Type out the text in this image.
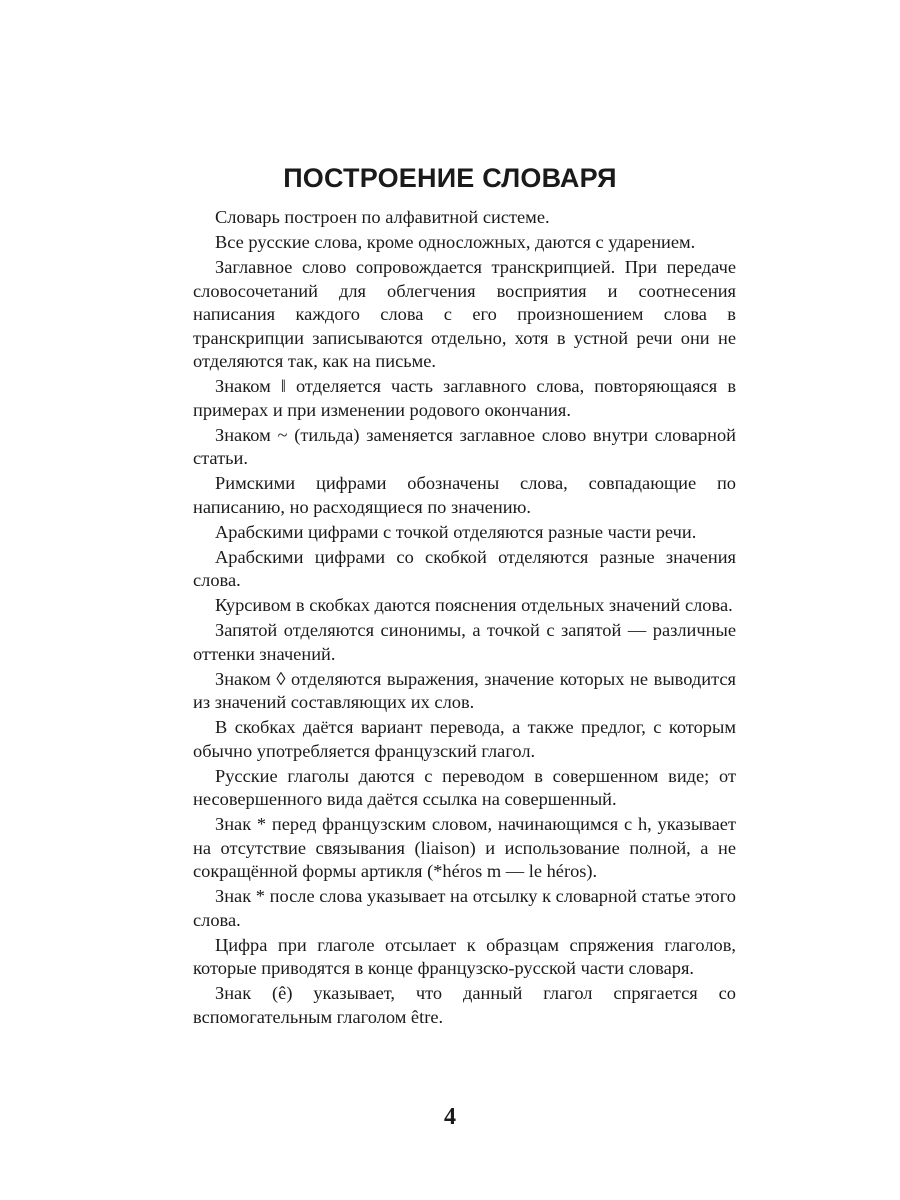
ПОСТРОЕНИЕ СЛОВАРЯ

Словарь построен по алфавитной системе.

Все русские слова, кроме односложных, даются с ударением.

Заглавное слово сопровождается транскрипцией. При передаче словосочетаний для облегчения восприятия и соотнесения написания каждого слова с его произношением слова в транскрипции записываются отдельно, хотя в устной речи они не отделяются так, как на письме.

Знаком ‖ отделяется часть заглавного слова, повторяющаяся в примерах и при изменении родового окончания.

Знаком ~ (тильда) заменяется заглавное слово внутри словарной статьи.

Римскими цифрами обозначены слова, совпадающие по написанию, но расходящиеся по значению.

Арабскими цифрами с точкой отделяются разные части речи.

Арабскими цифрами со скобкой отделяются разные значения слова.

Курсивом в скобках даются пояснения отдельных значений слова.

Запятой отделяются синонимы, а точкой с запятой — различные оттенки значений.

Знаком ◊ отделяются выражения, значение которых не выводится из значений составляющих их слов.

В скобках даётся вариант перевода, а также предлог, с которым обычно употребляется французский глагол.

Русские глаголы даются с переводом в совершенном виде; от несовершенного вида даётся ссылка на совершенный.

Знак * перед французским словом, начинающимся с h, указывает на отсутствие связывания (liaison) и использование полной, а не сокращённой формы артикля (*héros m — le héros).

Знак * после слова указывает на отсылку к словарной статье этого слова.

Цифра при глаголе отсылает к образцам спряжения глаголов, которые приводятся в конце французско-русской части словаря.

Знак (ê) указывает, что данный глагол спрягается со вспомогательным глаголом être.

4
